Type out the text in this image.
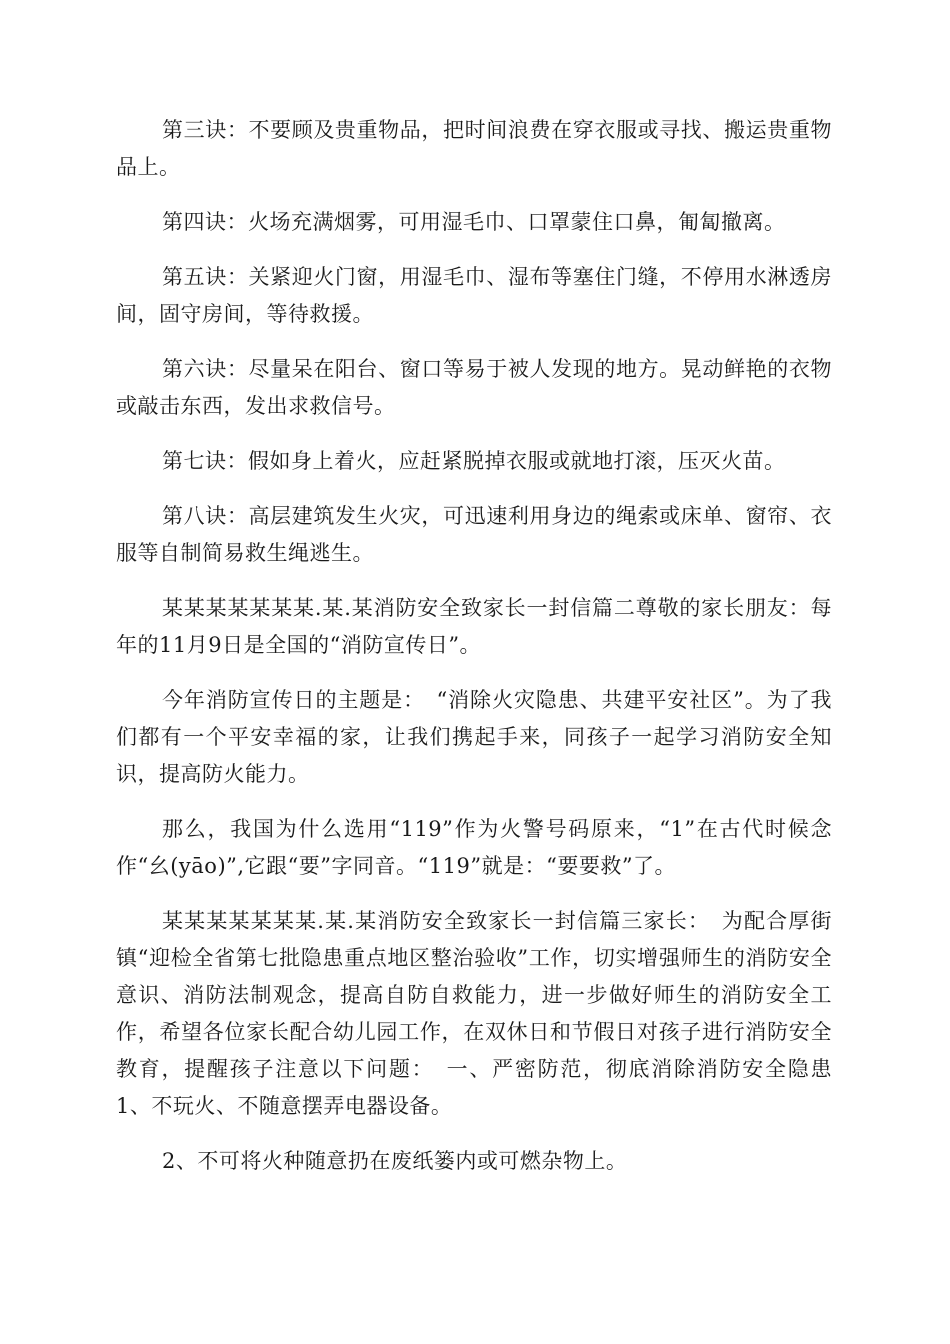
第三诀：不要顾及贵重物品，把时间浪费在穿衣服或寻找、搬运贵重物品上。

第四诀：火场充满烟雾，可用湿毛巾、口罩蒙住口鼻，匍匐撤离。

第五诀：关紧迎火门窗，用湿毛巾、湿布等塞住门缝，不停用水淋透房间，固守房间，等待救援。

第六诀：尽量呆在阳台、窗口等易于被人发现的地方。晃动鲜艳的衣物或敲击东西，发出求救信号。

第七诀：假如身上着火，应赶紧脱掉衣服或就地打滚，压灭火苗。

第八诀：高层建筑发生火灾，可迅速利用身边的绳索或床单、窗帘、衣服等自制简易救生绳逃生。

某某某某某某某.某.某消防安全致家长一封信篇二尊敬的家长朋友：每年的11月9日是全国的“消防宣传日”。

今年消防宣传日的主题是：　“消除火灾隐患、共建平安社区”。为了我们都有一个平安幸福的家，让我们携起手来，同孩子一起学习消防安全知识，提高防火能力。

那么，我国为什么选用“119”作为火警号码原来，“1”在古代时候念作“幺(yāo)”,它跟“要”字同音。“119”就是：“要要救”了。

某某某某某某某.某.某消防安全致家长一封信篇三家长：　为配合厚街镇“迎检全省第七批隐患重点地区整治验收”工作，切实增强师生的消防安全意识、消防法制观念，提高自防自救能力，进一步做好师生的消防安全工作，希望各位家长配合幼儿园工作，在双休日和节假日对孩子进行消防安全教育，提醒孩子注意以下问题：　一、严密防范，彻底消除消防安全隐患 1、不玩火、不随意摆弄电器设备。

2、不可将火种随意扔在废纸篓内或可燃杂物上。
